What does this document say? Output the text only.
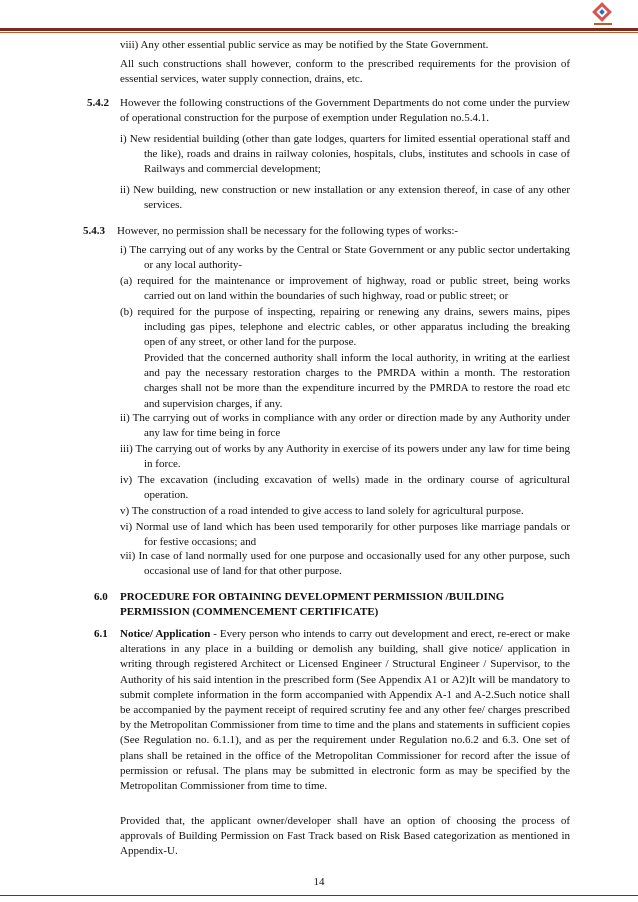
viii) Any other essential public service as may be notified by the State Government.
All such constructions shall however, conform to the prescribed requirements for the provision of essential services, water supply connection, drains, etc.
5.4.2	However the following constructions of the Government Departments do not come under the purview of operational construction for the purpose of exemption under Regulation no.5.4.1.
i) New residential building (other than gate lodges, quarters for limited essential operational staff and the like), roads and drains in railway colonies, hospitals, clubs, institutes and schools in case of Railways and commercial development;
ii) New building, new construction or new installation or any extension thereof, in case of any other services.
5.4.3	However, no permission shall be necessary for the following types of works:-
i) The carrying out of any works by the Central or State Government or any public sector undertaking or any local authority-
(a) required for the maintenance or improvement of highway, road or public street, being works carried out on land within the boundaries of such highway, road or public street; or
(b) required for the purpose of inspecting, repairing or renewing any drains, sewers mains, pipes including gas pipes, telephone and electric cables, or other apparatus including the breaking open of any street, or other land for the purpose.
Provided that the concerned authority shall inform the local authority, in writing at the earliest and pay the necessary restoration charges to the PMRDA within a month. The restoration charges shall not be more than the expenditure incurred by the PMRDA to restore the road etc and supervision charges, if any.
ii) The carrying out of works in compliance with any order or direction made by any Authority under any law for time being in force
iii) The carrying out of works by any Authority in exercise of its powers under any law for time being in force.
iv) The excavation (including excavation of wells) made in the ordinary course of agricultural operation.
v) The construction of a road intended to give access to land solely for agricultural purpose.
vi) Normal use of land which has been used temporarily for other purposes like marriage pandals or for festive occasions; and
vii) In case of land normally used for one purpose and occasionally used for any other purpose, such occasional use of land for that other purpose.
6.0	PROCEDURE FOR OBTAINING DEVELOPMENT PERMISSION /BUILDING PERMISSION (COMMENCEMENT CERTIFICATE)
6.1	Notice/ Application - Every person who intends to carry out development and erect, re-erect or make alterations in any place in a building or demolish any building, shall give notice/ application in writing through registered Architect or Licensed Engineer / Structural Engineer / Supervisor, to the Authority of his said intention in the prescribed form (See Appendix A1 or A2)It will be mandatory to submit complete information in the form accompanied with Appendix A-1 and A-2.Such notice shall be accompanied by the payment receipt of required scrutiny fee and any other fee/ charges prescribed by the Metropolitan Commissioner from time to time and the plans and statements in sufficient copies (See Regulation no. 6.1.1), and as per the requirement under Regulation no.6.2 and 6.3. One set of plans shall be retained in the office of the Metropolitan Commissioner for record after the issue of permission or refusal. The plans may be submitted in electronic form as may be specified by the Metropolitan Commissioner from time to time.
Provided that, the applicant owner/developer shall have an option of choosing the process of approvals of Building Permission on Fast Track based on Risk Based categorization as mentioned in Appendix-U.
14
